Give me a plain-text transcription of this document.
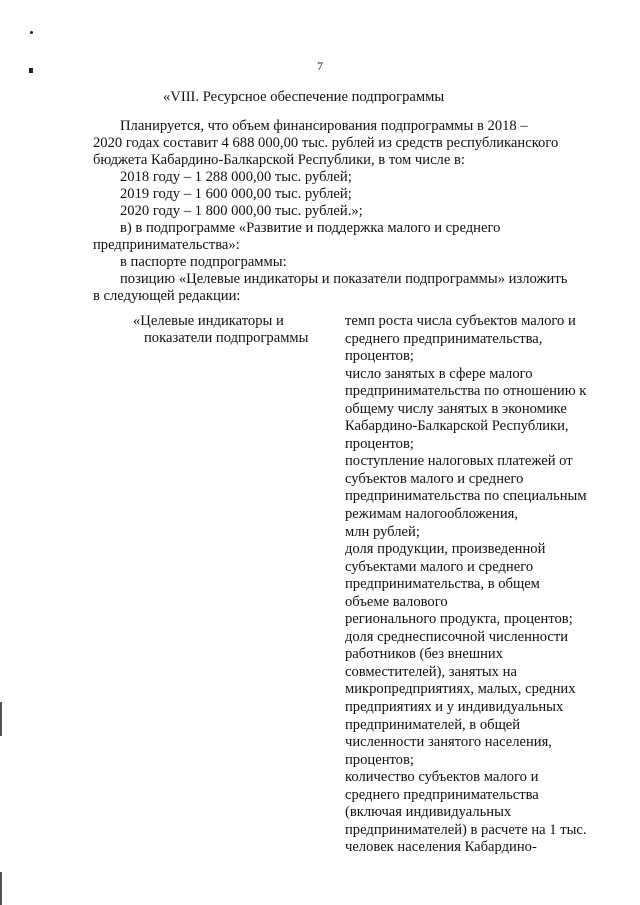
7
«VIII. Ресурсное обеспечение подпрограммы

Планируется, что объем финансирования подпрограммы в 2018 –

2020 годах составит 4 688 000,00 тыс. рублей из средств республиканского

бюджета Кабардино-Балкарской Республики, в том числе в:

2018 году – 1 288 000,00 тыс. рублей;

2019 году – 1 600 000,00 тыс. рублей;

2020 году – 1 800 000,00 тыс. рублей.»;

в) в подпрограмме «Развитие и поддержка малого и среднего

предпринимательства»:

в паспорте подпрограммы:

позицию «Целевые индикаторы и показатели подпрограммы» изложить

в следующей редакции:

«Целевые индикаторы и
показатели подпрограммы
темп роста числа субъектов малого и
среднего предпринимательства,
процентов;
число занятых в сфере малого
предпринимательства по отношению к
общему числу занятых в экономике
Кабардино-Балкарской Республики,
процентов;
поступление налоговых платежей от
субъектов малого и среднего
предпринимательства по специальным
режимам налогообложения,
млн рублей;
доля продукции, произведенной
субъектами малого и среднего
предпринимательства, в общем
объеме валового
регионального продукта, процентов;
доля среднесписочной численности
работников (без внешних
совместителей), занятых на
микропредприятиях, малых, средних
предприятиях и у индивидуальных
предпринимателей, в общей
численности занятого населения,
процентов;
количество субъектов малого и
среднего предпринимательства
(включая индивидуальных
предпринимателей) в расчете на 1 тыс.
человек населения Кабардино-
